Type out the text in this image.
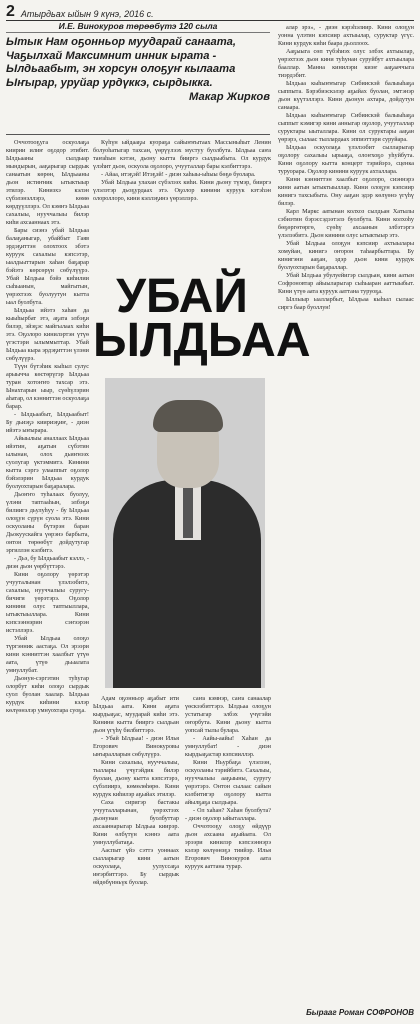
2 Атырдьах ыйын 9 күнэ, 2016 с.
И.Е. Винокуров төрөөбүтэ 120 сыла
Ытык Нам оҕонньор муударай санаата, Чаҕылхай Максимнит инник ырата - Ылдьаабыт, эн хорсун олоҕуҥ кылаата Ыҥырар, уруйар урдүккэ, сырдыкка.
Макар Жирков

Оччотооҕуга оскуолаҕа киирии илиҥ оҕодор этибит. Ылдьааны сылдыар мындырын, ааҕарыгар сырдык санаатын көрөн, Ылдьааны дьон истиҥник ытыктыыр этилэр. Киниэхэ кэлэн сүбэлэнэллэрэ, көмө көрдүүллэрэ. Ол кэмҥэ Ылдьаа сахалыы, нууччалыы билэр киһи ахсааннаах этэ.

Бары сиэнэ убай Ылдьаа балаҕаныгар, убайбыт Гаяв эрдэҕиттэн олохтоох эбэтэ куруук сахалыы кэпсэтэр, ыалдьыттарын хаһан баҕарар бэйэтэ көрсөрүн сөбүлүүрэ. Убай Ылдьаа бэйэ киһилии сыһыанын, майгытын, үөрэхтээх буолуутун кытта ыал буолбута.

Ылдьаа ийэтэ хаһан да кыыһырбат этэ, аҕата элбэҕи билэр, эйэҕэс майгылаах киһи этэ. Оҕолоро кинилэртэн үтүө үгэстэри ылыммыттар. Убай Ылдьаа кыра эрдэҕиттэн үлэни сөбүлүүрэ.

Түүн бүтэһик кыһыл сулус арыычча көстөрүгэр Ылдьаа туран хотоҥҥо тахсар этэ. Ынахтарын ыыр, сүөһүлэрин аһатар, ол кэнниттэн оскуолаҕа барар.

- Ылдьаабыт, Ылдьаабыт! Бу дьиэҕэ киириэҕиҥ, - диэн ийэтэ ыҥырара.

Айыылыы аналлаах Ылдьаа ийэтин, аҕатын сүбэтин ылынан, олох дьиҥнээх суолугар үктэммитэ. Кинини кытта сэргэ улааппыт оҕолор бэйэлэрин Ылдьаа курдук буолуохтарын баҕаралара.

Дьоҥҥо туһалаах буолуу, үлэни таптааһын, элбэҕи билиигэ дьулуһуу - бу Ылдьаа олоҕун сүрүн суола этэ. Кини оскуоланы бүтэрэн баран Дьокуускайга үөрэнэ барбыта, онтон төрөөбүт дойдутугар эргиллэн кэлбитэ.

- Дьэ, бу Ылдьаабыт кэллэ, - диэн дьон үөрбүттэрэ.

Кини оҕолору үөрэтэр учууталынан үлэлээбитэ, сахалыы, нууччалыы суругу-бичиги үөрэтэрэ. Оҕолор кинини олус таптыыллара, ытыктыыллара. Кини кэпсээннэрин сэҥээрэн истэллэрэ.

Убай Ылдьаа олоҕо түргэнник аастаҕа. Ол эрээри кини кэнниттэн хаалбыт үтүө аата, үтүө дьыалата умнуллубат.

Дьонун-сэргэтин туһугар олорбут киһи олоҕо сырдык суол буолан хаалар. Ылдьаа курдук киһини кэлэр көлүөнэлэр умнуохтара суоҕа.

Күһүн ыйдааҕы куораҕа сайыҥҥытаах Массыныһыт Ленин болуоһатыгар тахсан, үөрүүлээх мустуу буолбута. Ылдьаа саҥа таҥаһын кэтэн, дьону кытта бииргэ сылдьыбыта. Ол курдук үлэһит дьон, оскуола оҕолоро, учууталлар бары кэлбиттэрэ.

- Айаа, итэҕэй! Итэҕэй! - диэн хаһыы-ыһыы бөҕө буолара.

Убай Ылдьаа улахан сүбэлээх киһи. Кини дьону түмэр, бииргэ үлэлэтэр дьоҕурдаах этэ. Оҕолор кинини куруук кэтэһэн олороллоро, кини кэллэҕинэ үөрэллэрэ.

УБАЙ ЫЛДЬАА

Адам оҕонньор аҕабыт ити Ылдьаа аата. Кини аҕата кырдьаҕас, муударай киһи этэ. Кинини кытта бииргэ сылдьан дьон үгүһү билбиттэрэ.

- Убай Ылдьаа! - диэн Илья Егорович Винокуровы ыҥыралларын сөбүлүүрэ.

Кини сахалыы, нууччалыы, тыллары үчүгэйдик билэр буолан, дьону кытта кэпсэтэрэ, сүбэлиирэ, көмөлөһөрө. Кини курдук киһилэр аҕыйах этилэр.

Саха сиригэр бастакы учууталларынан, үөрэхтээх дьонунан буолбуттар ахсааннарыгар Ылдьаа киирэр. Кини өлбүтүн кэннэ аата умнуллубатаҕа.

Ааспыт үйэ сэттэ уоннаах сылларыгар кини аатын оскуолаҕа, уулуссаҕа иҥэрбиттэрэ. Бу сырдык өйдөбүнньүк буолар.

саҥа кэмнэр, саҥа санаалар үөскээбиттэрэ. Ылдьаа олоҕун устатыгар элбэх үчүгэйи оҥорбута. Кини дьону кытта уопсай тылы булара.

- Аайы-аайы! Хаһан да умнуллубат! - диэн кырдьаҕастар кэпсииллэр.

Кини Ньурбаҕа үлэлээн, оскуоланы тэрийбитэ. Сахалыы, нууччалыы ааҕыыны, суругу үөрэтэрэ. Онтон сылаас сайын кэлбитигэр оҕолору кытта айылҕаҕа сылдьара.

- Ол хаһан? Хаһан буолбута? - диэн оҕолор ыйыталлара.

Оччотооҕу олоҕу өйдүүр дьон ахсаана аҕыйаата. Ол эрээри кинилэр кэпсээннэрэ кэлэр көлүөнэҕэ тиийэр. Илья Егорович Винокуров аата куруук ааттана турар.

алар эрэ», - диэн кэрэһэлиир. Кини олоҕун уонна үлэтин кэпсиир ахтыылар, суруктар үгүс. Кини курдук киһи баара дьоллоох.

Ааҕыыга сөп түбэһиэх олус элбэх ахтыылар, үөрэхтээх дьон кини туһунан суруйбут ахтыылара бааллар. Манна кинилэри киэҥ ааҕааччыга тиэрдэбит.

Ылдьаа кыһыҥҥыгар Сибиискэй балыыһаҕа сыппыта. Бэрэбиэскэлэр аҕыйах буолан, эмтэнэр дьон күүтэллэрэ. Кини дьонун ахтара, дойдутун санаара.

Ылдьаа кыһыҥҥыгар Сибиискэй балыыһаҕа сыппыт кэмигэр кини анныгар оҕолор, учууталлар суруктары ыыталлара. Кини ол суруктары ааҕан үөрэрэ, сылаас тыллардаах эппиэттэри суруйара.

Ылдьаа оскуолаҕа үлэлээбит сылларыгар оҕолору сахалыы ырыаҕа, олоҥхоҕо уһуйбута. Кини оҕолору кытта концерт тэрийэрэ, сценка туруорара. Оҕолор кинини куруук ахталлара.

Кини кэнниттэн хаалбыт оҕолоро, сиэннэрэ кини аатын ытыктыыллар. Кини олоҕун кэпсиир кинигэ тахсыбыта. Ону ааҕан эдэр көлүөнэ үгүһү билэр.

Карл Маркс аатынан колхоз сылдьан Хатылы сэбиэтин бэрэссэдээтэлэ буолбута. Кини колхоһу бөҕөргөтөргө, сүөһү ахсаанын элбэтэргэ үлэлээбитэ. Дьон кинини олус ытыктыыр этэ.

Убай Ылдьаа олоҕун кэпсиир ахтыылары хомуйан, кинигэ оҥорон таһаарбыттара. Бу кинигэни ааҕан, эдэр дьон кини курдук буолуохтарын баҕараллар.

Убай Ылдьаа убулуейигэр сылдьан, кини аатын Софроновтар айыыларыгар сыһыаран ааттыыбыт. Кини үтүө аата куруук ааттана туруоҕа.

Ыллыыр ыалларбыт, Ылдьаа кыһыл сылаас сиргэ баар буоллун!

Бырааг Роман СОФРОНОВ
